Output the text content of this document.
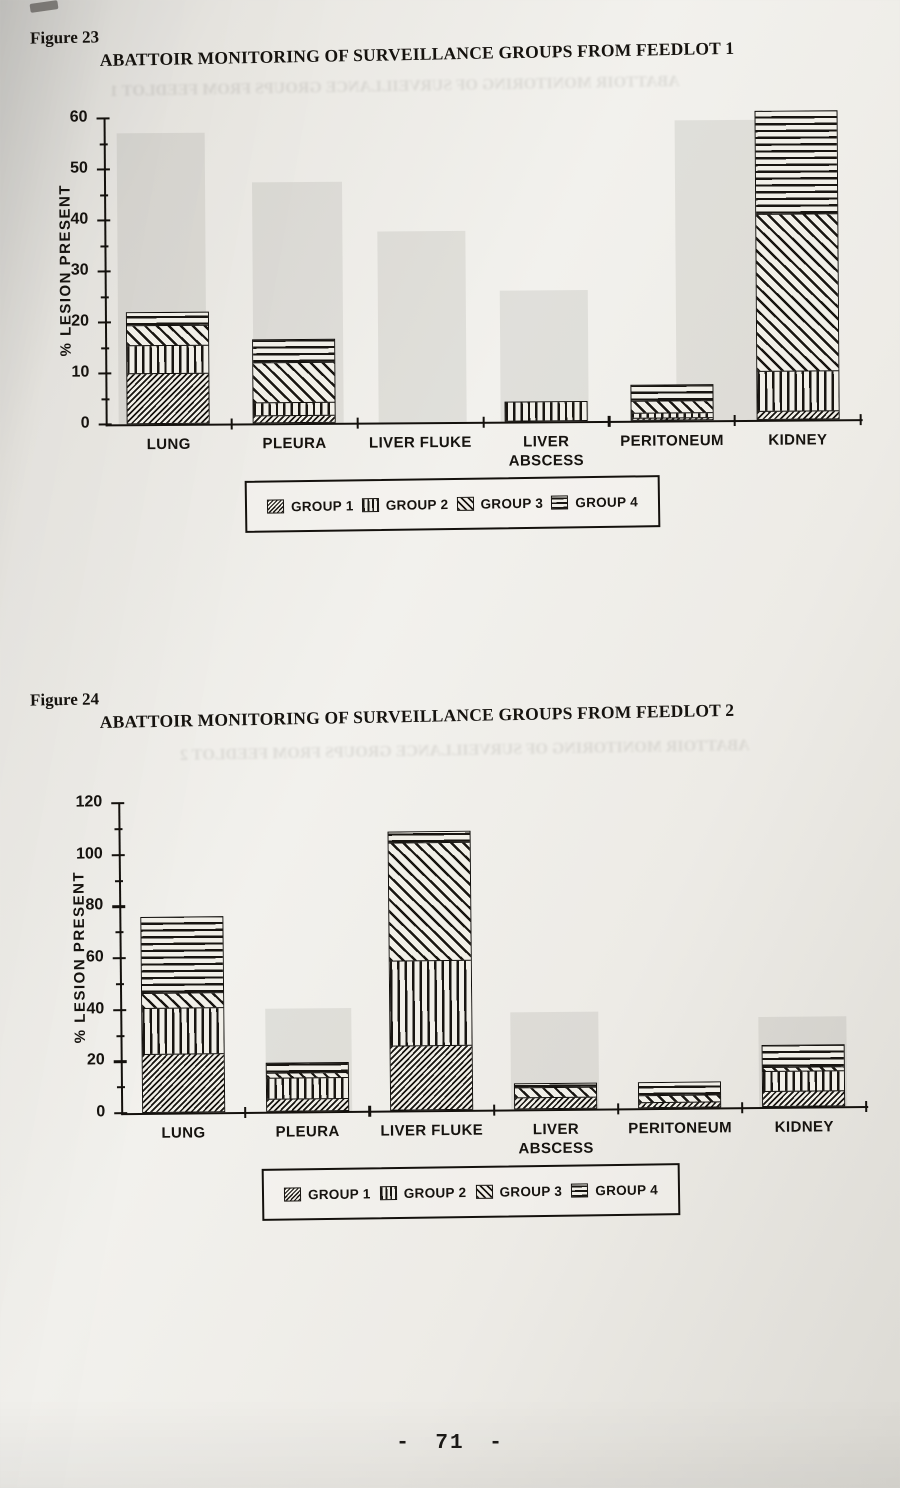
Figure 23
ABATTOIR MONITORING OF SURVEILLANCE GROUPS FROM FEEDLOT 1
ABATTOIR MONITORING OF SURVEILLANCE GROUPS FROM FEEDLOT 1
% LESION PRESENT
0
10
20
30
40
50
60
LUNG	PLEURA	LIVER FLUKE	LIVER ABSCESS
PERITONEUM	KIDNEY
GROUP 1 GROUP 2 GROUP 3 GROUP 4
Figure 24
ABATTOIR MONITORING OF SURVEILLANCE GROUPS FROM FEEDLOT 2
ABATTOIR MONITORING OF SURVEILLANCE GROUPS FROM FEEDLOT 2
% LESION PRESENT
0
20
40
60
80
100
120
LUNG	PLEURA	LIVER FLUKE	LIVER ABSCESS
PERITONEUM	KIDNEY
GROUP 1 GROUP 2 GROUP 3 GROUP 4
- 71 -
